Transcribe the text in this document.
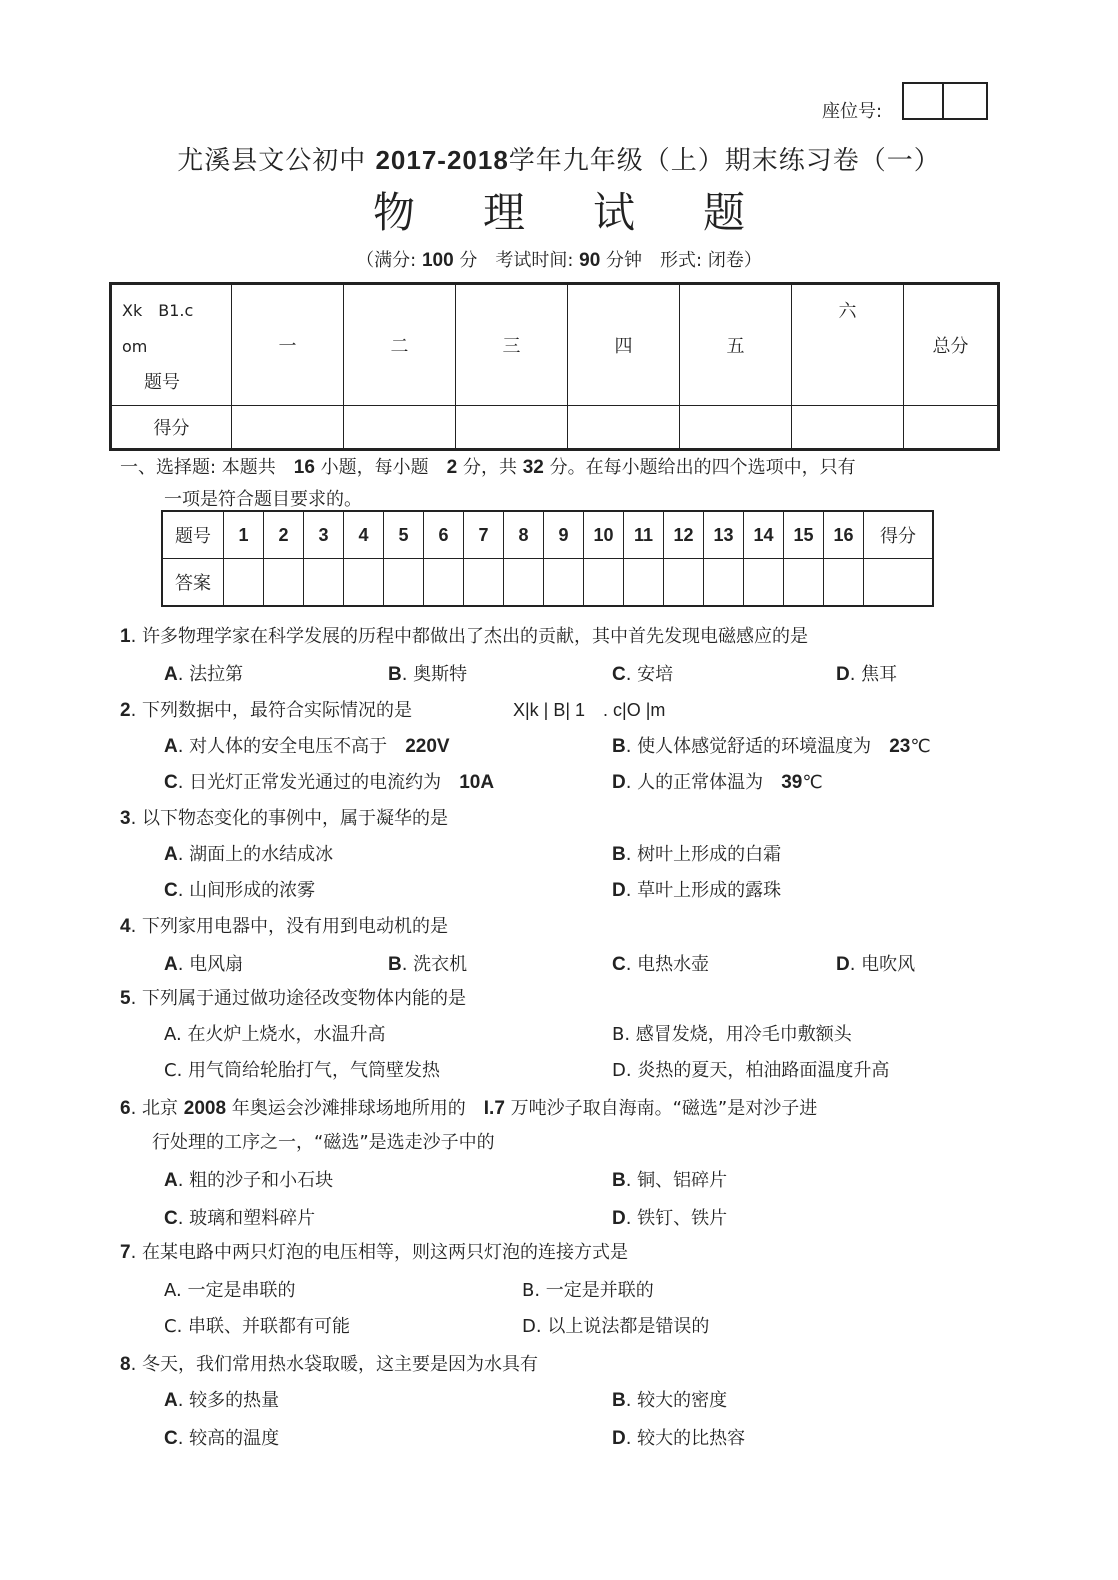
座位号:
尤溪县文公初中 2017-2018学年九年级（上）期末练习卷（一）
物 理 试 题
（满分: 100 分　考试时间: 90 分钟　形式: 闭卷）
Xk　B1.c
om
题号	一	二	三	四	五	六	总分
得分							
一、选择题: 本题共　16 小题，每小题　2 分，共 32 分。在每小题给出的四个选项中，只有
一项是符合题目要求的。
题号	1	2	3	4	5	6	7	8	9	10	11	12	13	14	15	16	得分
答案																	
1. 许多物理学家在科学发展的历程中都做出了杰出的贡献，其中首先发现电磁感应的是
A. 法拉第	B. 奥斯特	C. 安培	D. 焦耳
2. 下列数据中，最符合实际情况的是	X|k | B| 1　. c|O |m
A. 对人体的安全电压不高于　220V	B. 使人体感觉舒适的环境温度为　23℃
C. 日光灯正常发光通过的电流约为　10A	D. 人的正常体温为　39℃
3. 以下物态变化的事例中，属于凝华的是
A. 湖面上的水结成冰	B. 树叶上形成的白霜
C. 山间形成的浓雾	D. 草叶上形成的露珠
4. 下列家用电器中，没有用到电动机的是
A. 电风扇	B. 洗衣机	C. 电热水壶	D. 电吹风
5. 下列属于通过做功途径改变物体内能的是
A. 在火炉上烧水，水温升高	B. 感冒发烧，用冷毛巾敷额头
C. 用气筒给轮胎打气，气筒壁发热	D. 炎热的夏天，柏油路面温度升高
6. 北京 2008 年奥运会沙滩排球场地所用的　I.7 万吨沙子取自海南。“磁选”是对沙子进
行处理的工序之一，“磁选”是选走沙子中的
A. 粗的沙子和小石块	B. 铜、铝碎片
C. 玻璃和塑料碎片	D. 铁钉、铁片
7. 在某电路中两只灯泡的电压相等，则这两只灯泡的连接方式是
A. 一定是串联的	B. 一定是并联的
C. 串联、并联都有可能	D. 以上说法都是错误的
8. 冬天，我们常用热水袋取暖，这主要是因为水具有
A. 较多的热量	B. 较大的密度
C. 较高的温度	D. 较大的比热容
